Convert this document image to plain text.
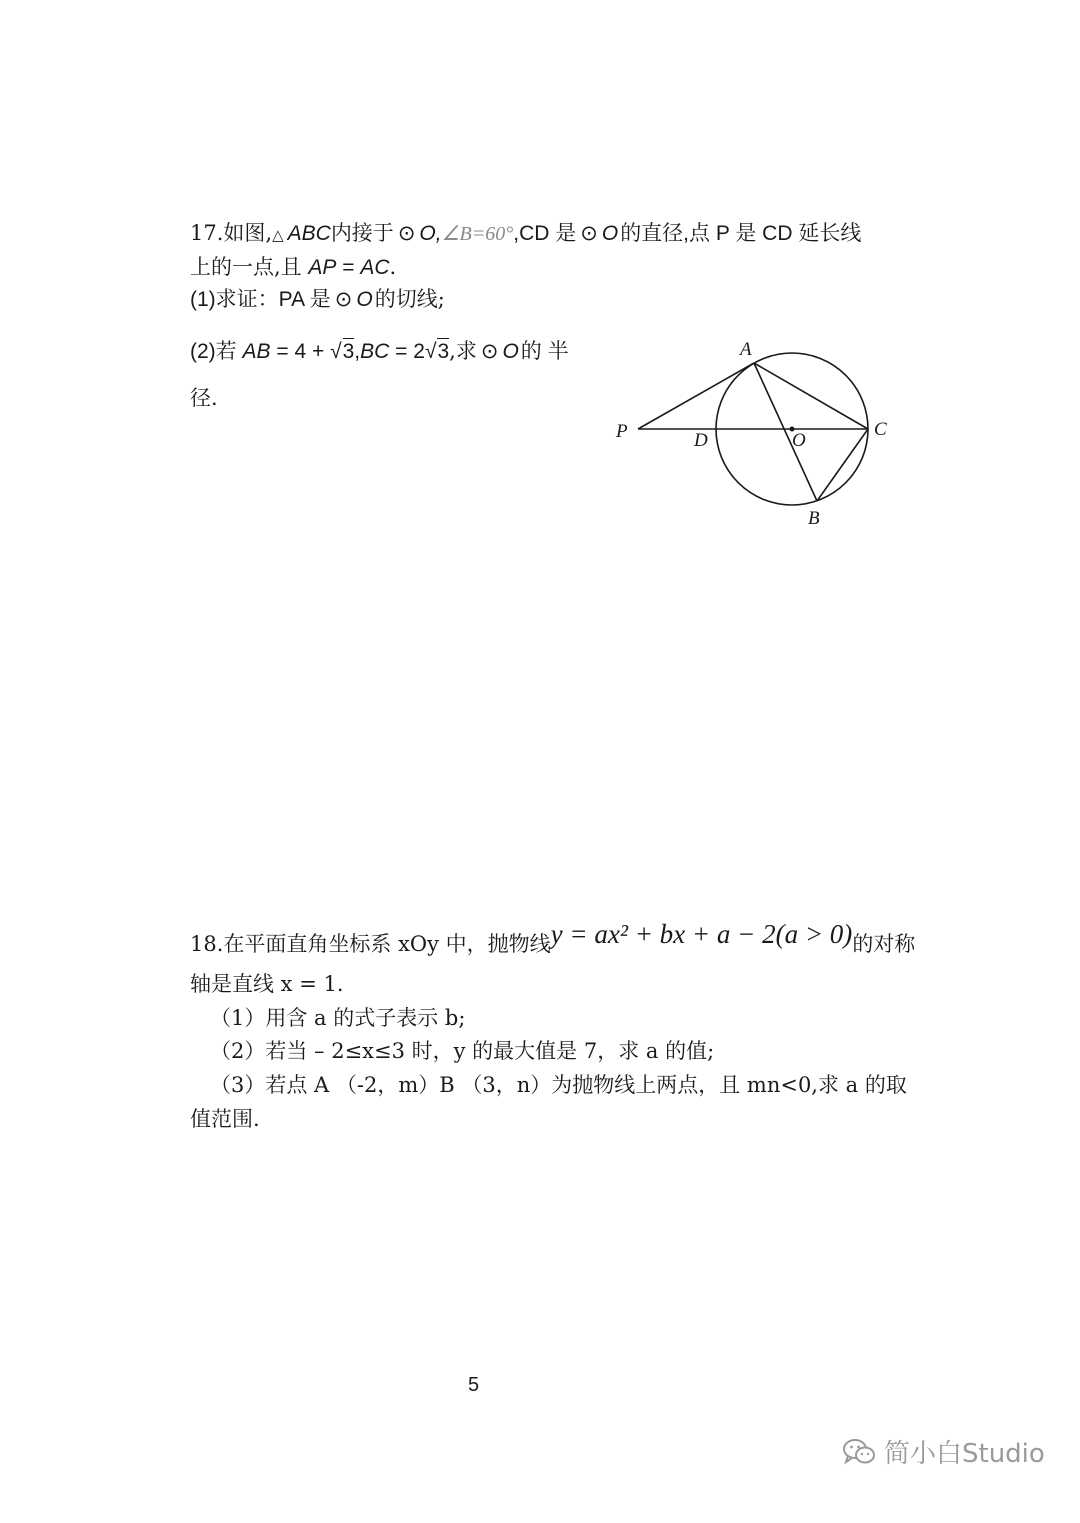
17.如图,△ ABC内接于 ⊙ O,∠B=60°,CD 是 ⊙ O的直径,点 P 是 CD 延长线
上的一点,且 AP = AC.
(1)求证：PA 是 ⊙ O的切线;
(2)若 AB = 4 + √3,BC = 2√3,求 ⊙ O的半
径.
A
B
C
D	O
P
18.在平面直角坐标系 xOy 中，抛物线y = ax² + bx + a − 2(a > 0)的对称
轴是直线 x = 1.
（1）用含 a 的式子表示 b;
（2）若当 – 2≤x≤3 时，y 的最大值是 7，求 a 的值;
（3）若点 A （-2，m）B （3，n）为抛物线上两点，且 mn<0,求 a 的取
值范围.
5
简小白Studio
